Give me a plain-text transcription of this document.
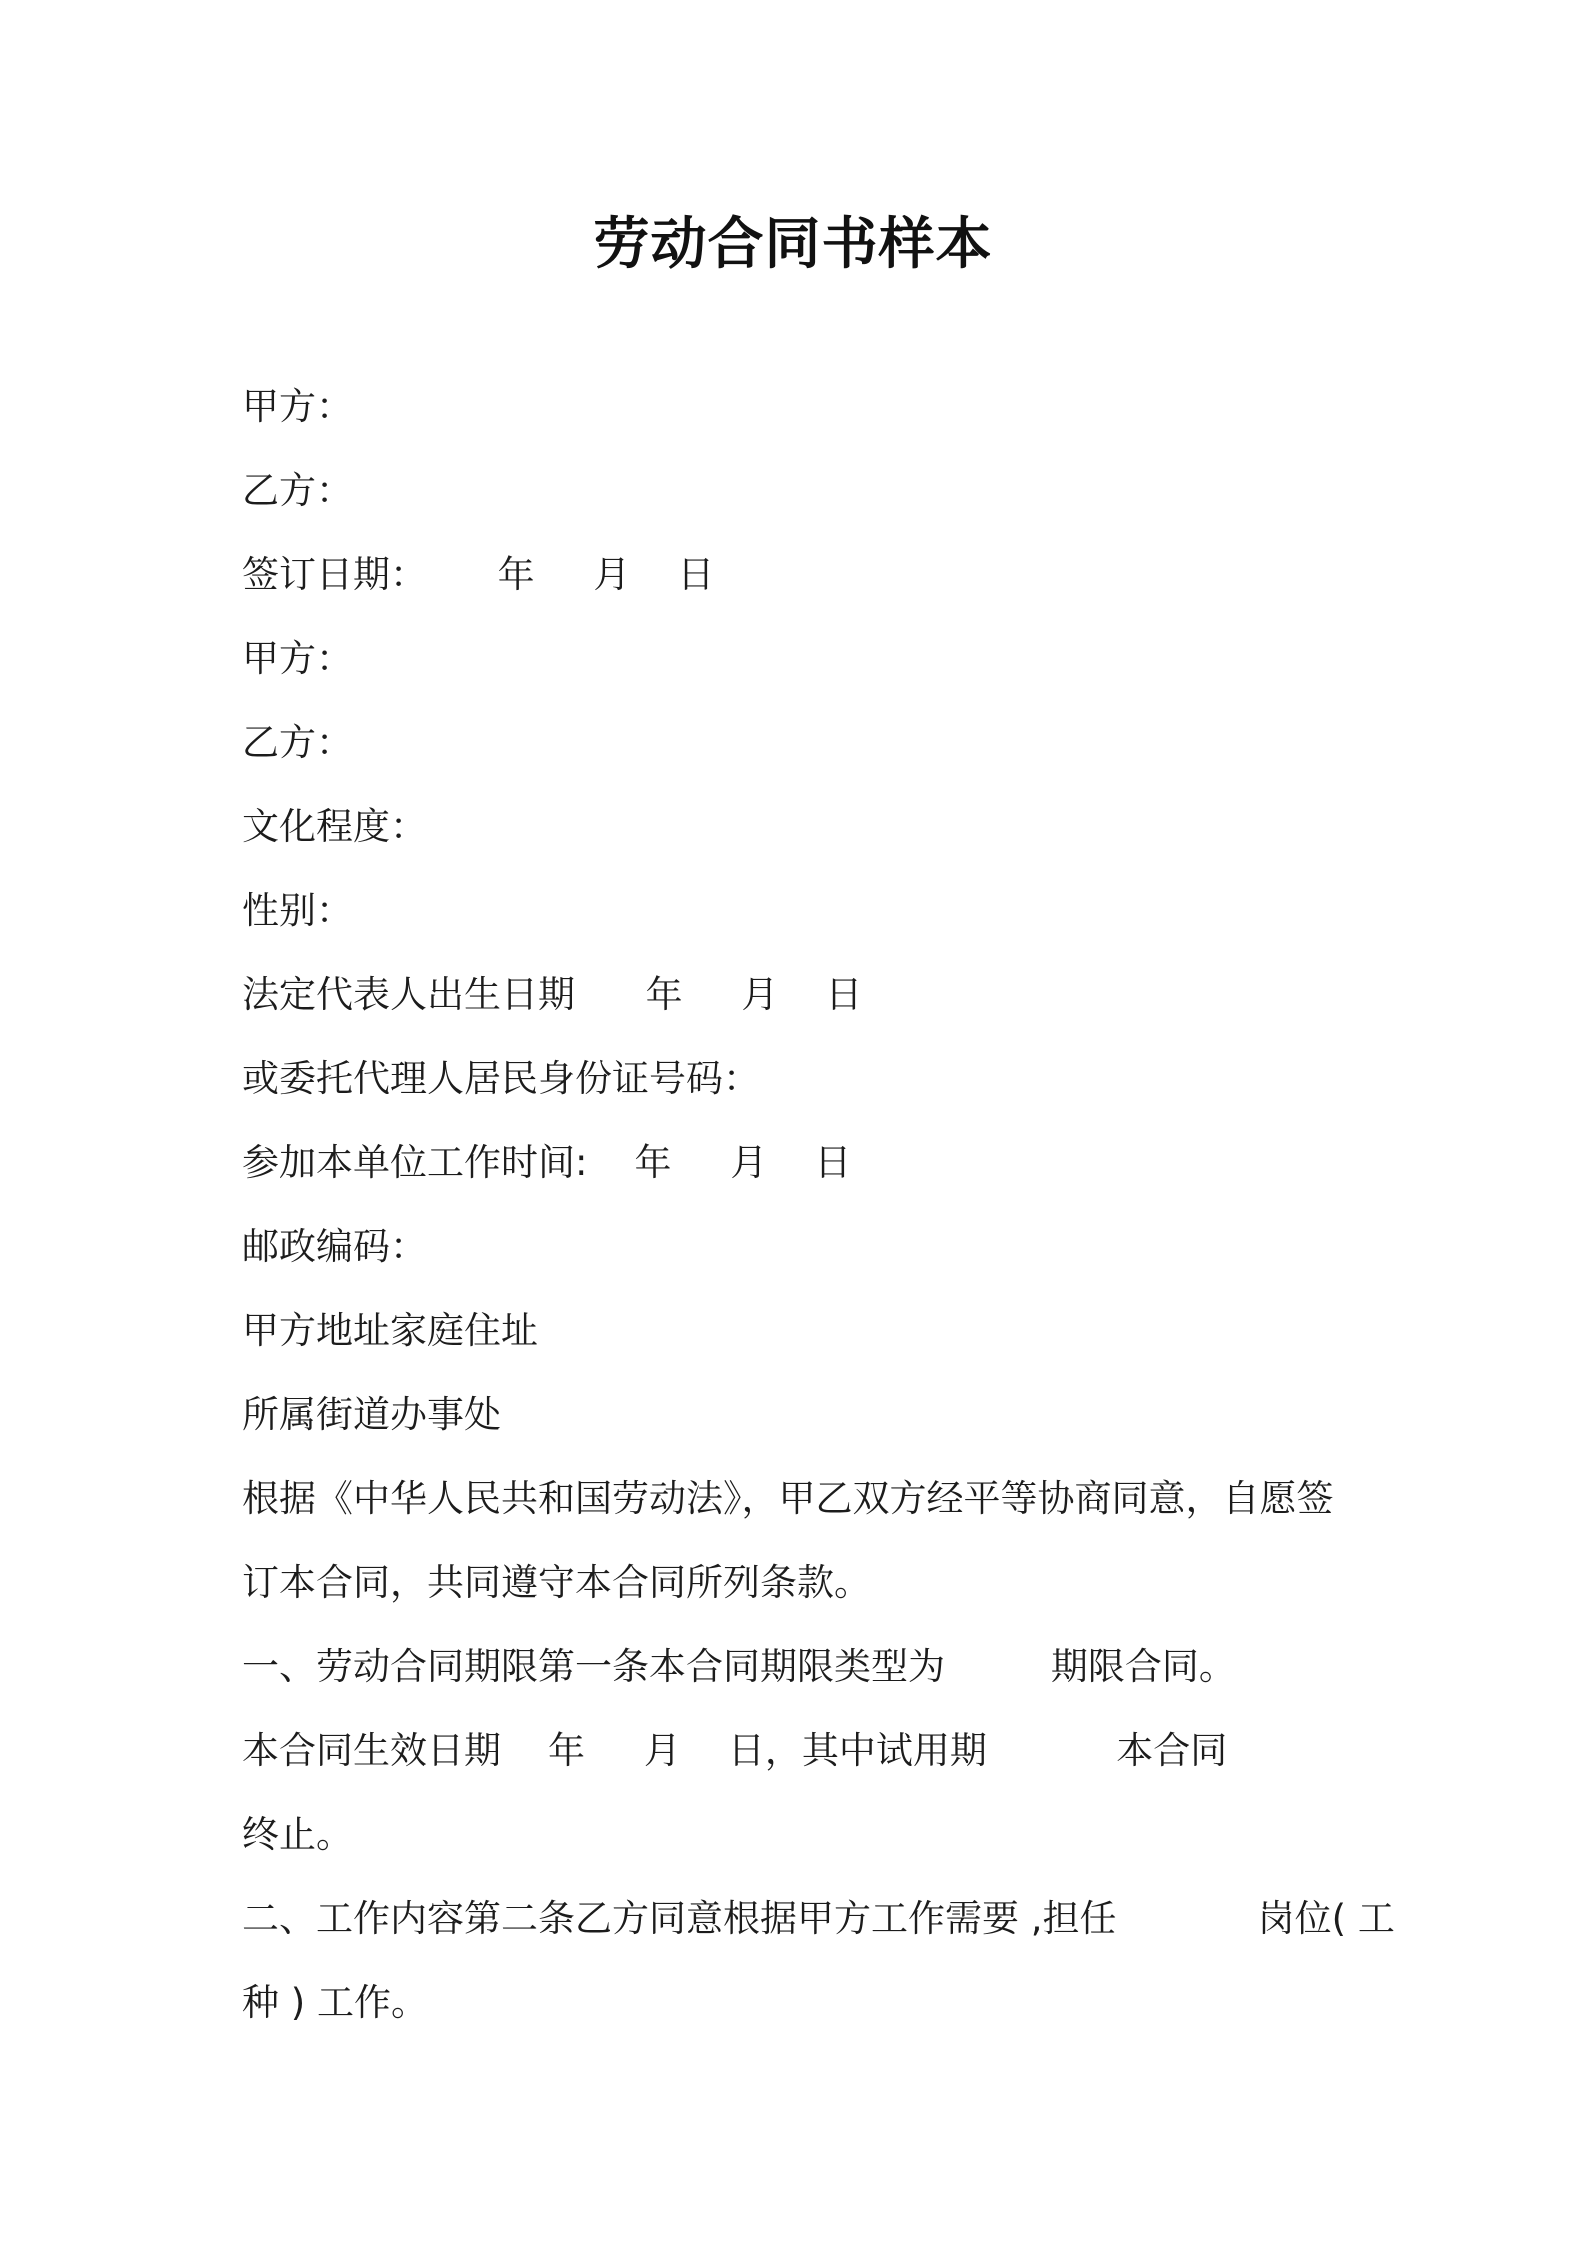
劳动合同书样本
甲方：
乙方：
签订日期：      年     月    日
甲方：
乙方：
文化程度：
性别：
法定代表人出生日期      年     月    日
或委托代理人居民身份证号码：
参加本单位工作时间:    年     月    日
邮政编码：
甲方地址家庭住址
所属街道办事处
根据《中华人民共和国劳动法》，甲乙双方经平等协商同意，自愿签
订本合同，共同遵守本合同所列条款。
一、劳动合同期限第一条本合同期限类型为         期限合同。
本合同生效日期    年     月    日，其中试用期           本合同
终止。
二、工作内容第二条乙方同意根据甲方工作需要 ,担任            岗位( 工
种 ) 工作。
